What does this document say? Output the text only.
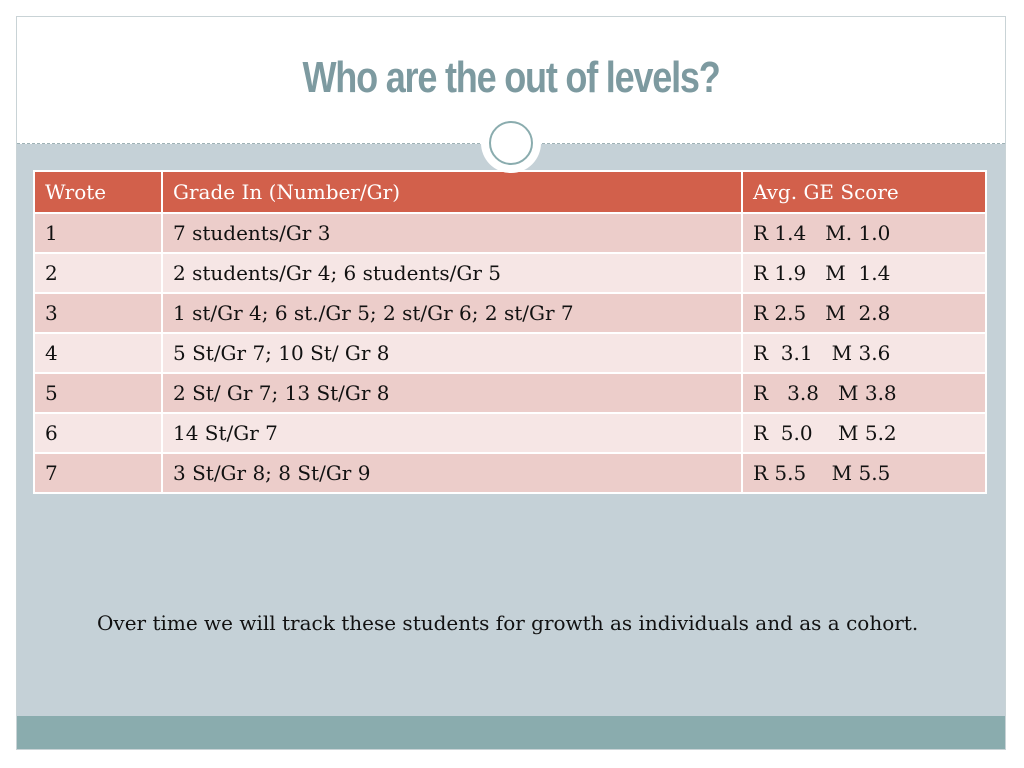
Who are the out of levels?
Wrote	Grade In (Number/Gr)	Avg. GE Score
1	7 students/Gr 3	R 1.4   M. 1.0
2	2 students/Gr 4; 6 students/Gr 5	R 1.9   M  1.4
3	1 st/Gr 4; 6 st./Gr 5; 2 st/Gr 6; 2 st/Gr 7	R 2.5   M  2.8
4	5 St/Gr 7; 10 St/ Gr 8	R  3.1   M 3.6
5	2 St/ Gr 7; 13 St/Gr 8	R   3.8   M 3.8
6	14 St/Gr 7	R  5.0    M 5.2
7	3 St/Gr 8; 8 St/Gr 9	R 5.5    M 5.5
Over time we will track these students for growth as individuals and as a cohort.
